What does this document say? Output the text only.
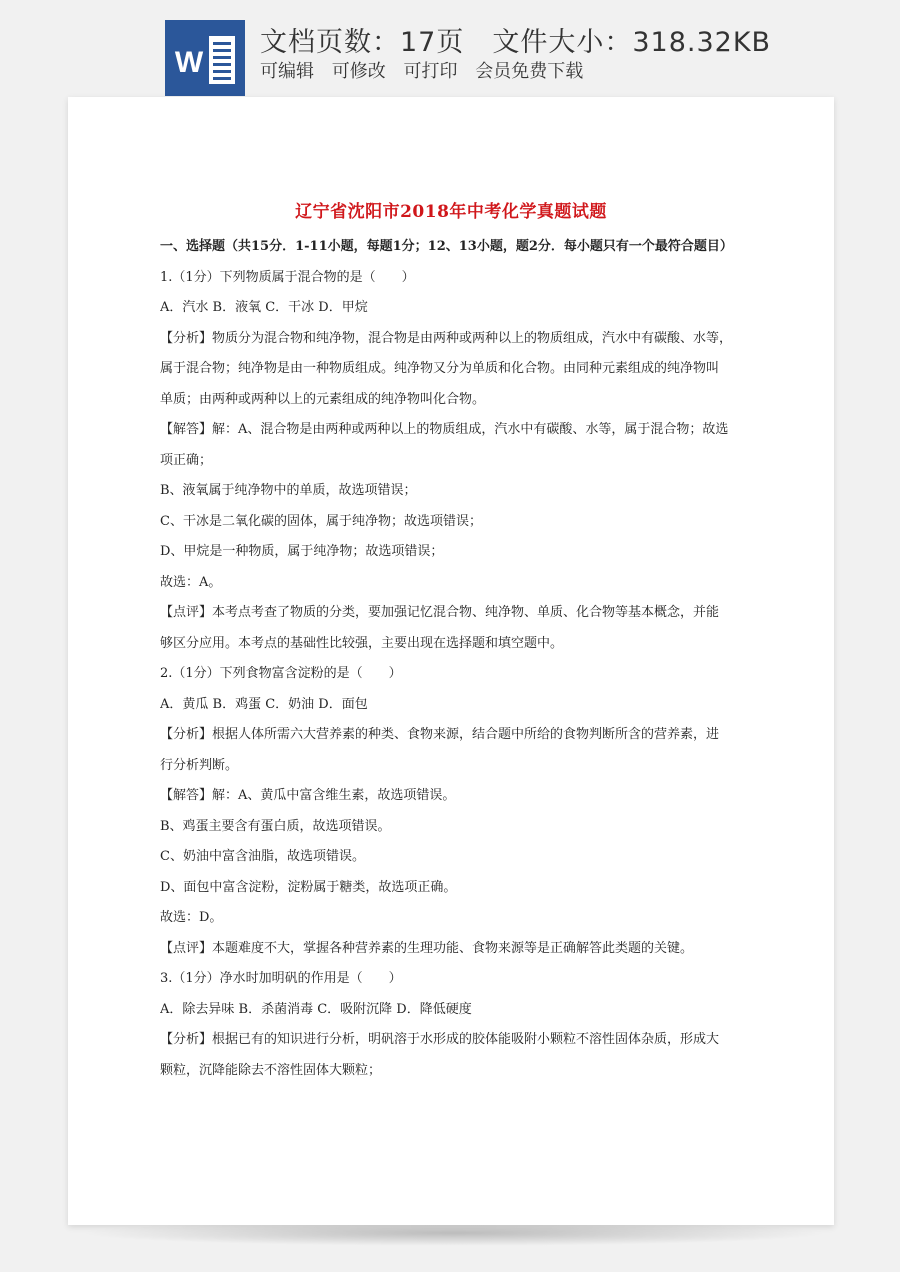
W
文档页数：17页 文件大小：318.32KB
可编辑 可修改 可打印 会员免费下载
辽宁省沈阳市2018年中考化学真题试题

一、选择题（共15分．1-11小题，每题1分；12、13小题，题2分．每小题只有一个最符合题目）

1.（1分）下列物质属于混合物的是（　　）

A．汽水 B．液氧 C．干冰 D．甲烷

【分析】物质分为混合物和纯净物，混合物是由两种或两种以上的物质组成，汽水中有碳酸、水等，

属于混合物；纯净物是由一种物质组成。纯净物又分为单质和化合物。由同种元素组成的纯净物叫

单质；由两种或两种以上的元素组成的纯净物叫化合物。

【解答】解：A、混合物是由两种或两种以上的物质组成，汽水中有碳酸、水等，属于混合物；故选

项正确；

B、液氧属于纯净物中的单质，故选项错误；

C、干冰是二氧化碳的固体，属于纯净物；故选项错误；

D、甲烷是一种物质，属于纯净物；故选项错误；

故选：A。

【点评】本考点考查了物质的分类，要加强记忆混合物、纯净物、单质、化合物等基本概念，并能

够区分应用。本考点的基础性比较强，主要出现在选择题和填空题中。

2.（1分）下列食物富含淀粉的是（　　）

A．黄瓜 B．鸡蛋 C．奶油 D．面包

【分析】根据人体所需六大营养素的种类、食物来源，结合题中所给的食物判断所含的营养素，进

行分析判断。

【解答】解：A、黄瓜中富含维生素，故选项错误。

B、鸡蛋主要含有蛋白质，故选项错误。

C、奶油中富含油脂，故选项错误。

D、面包中富含淀粉，淀粉属于糖类，故选项正确。

故选：D。

【点评】本题难度不大，掌握各种营养素的生理功能、食物来源等是正确解答此类题的关键。

3.（1分）净水时加明矾的作用是（　　）

A．除去异味 B．杀菌消毒 C．吸附沉降 D．降低硬度

【分析】根据已有的知识进行分析，明矾溶于水形成的胶体能吸附小颗粒不溶性固体杂质，形成大

颗粒，沉降能除去不溶性固体大颗粒；
